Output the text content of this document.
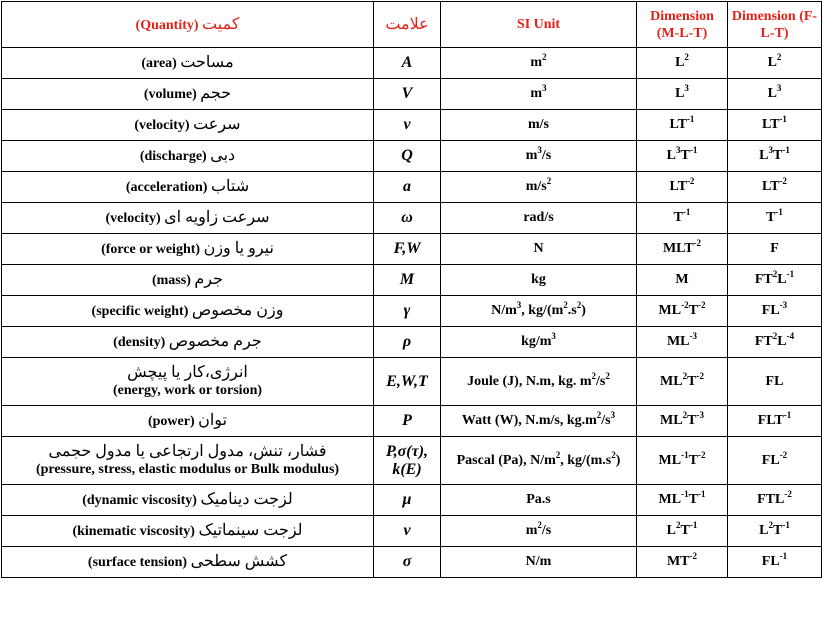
(Quantity) کمیت	علامت	SI Unit	Dimension (M-L-T)	Dimension (F-L-T)
(area) مساحت	A	$m^2$	$L^2$	$L^2$
(volume) حجم	V	$m^3$	$L^3$	$L^3$
(velocity) سرعت	v	m/s	$LT^{-1}$	$LT^{-1}$
(discharge) دبی	Q	$m^3/s$	$L^3T^{-1}$	$L^3T^{-1}$
(acceleration) شتاب	a	$m/s^2$	$LT^{-2}$	$LT^{-2}$
(velocity) سرعت زاویه ای	ω	rad/s	$T^{-1}$	$T^{-1}$
(force or weight) نیرو یا وزن	F,W	N	$MLT^{-2}$	F
(mass) جرم	M	kg	M	$FT^2L^{-1}$
(specific weight) وزن مخصوص	γ	$N/m^3$, $kg/(m^2.s^2)$	$ML^{-2}T^{-2}$	$FL^{-3}$
(density) جرم مخصوص	ρ	$kg/m^3$	$ML^{-3}$	$FT^2L^{-4}$
انرژی،کار یا پیچش
(energy, work or torsion)	E,W,T	Joule (J), N.m, kg. $m^2/s^2$	$ML^2T^{-2}$	FL
(power) توان	P	Watt (W), N.m/s, $kg.m^2/s^3$	$ML^2T^{-3}$	$FLT^{-1}$
فشار، تنش، مدول ارتجاعی یا مدول حجمی
(pressure, stress, elastic modulus or Bulk modulus)	P,σ(τ), k(E)	Pascal (Pa), $N/m^2$, $kg/(m.s^2)$	$ML^{-1}T^{-2}$	$FL^{-2}$
(dynamic viscosity) لزجت دینامیک	μ	Pa.s	$ML^{-1}T^{-1}$	$FTL^{-2}$
(kinematic viscosity) لزجت سینماتیک	ν	$m^2/s$	$L^2T^{-1}$	$L^2T^{-1}$
(surface tension) کشش سطحی	σ	N/m	$MT^{-2}$	$FL^{-1}$
